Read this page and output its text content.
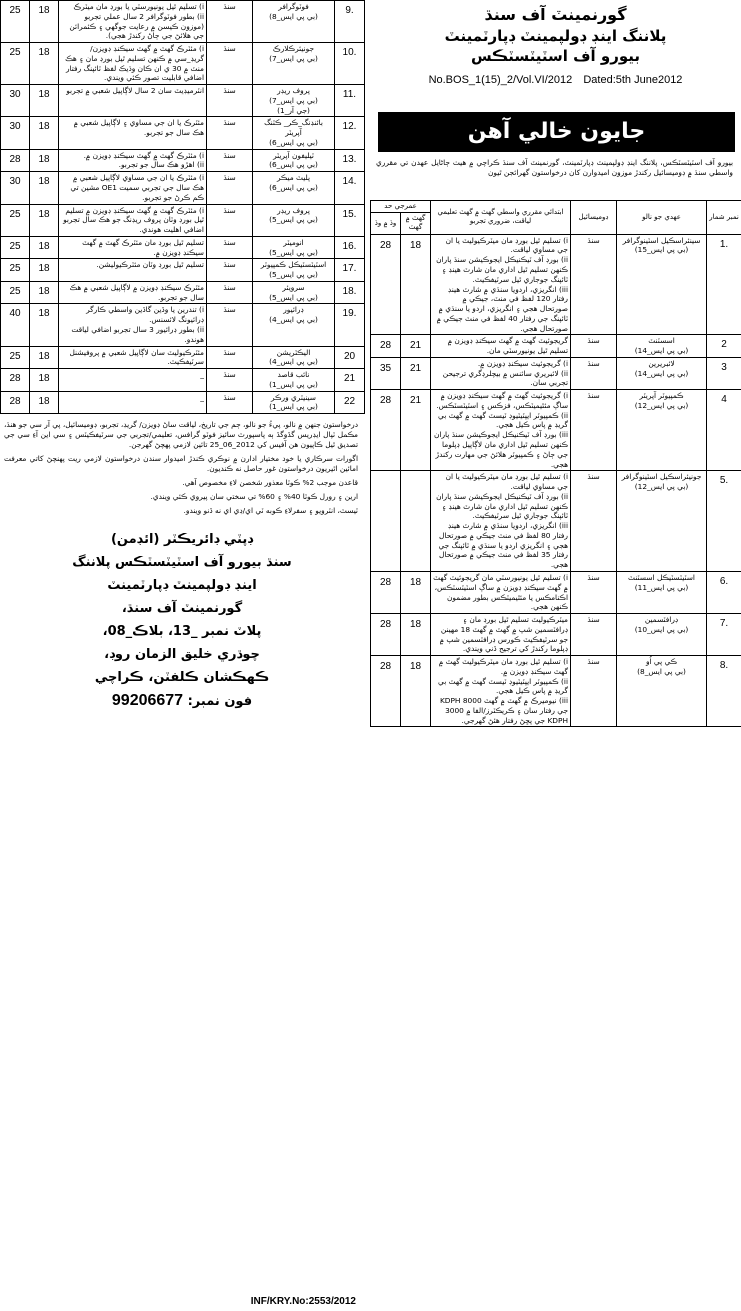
25	18	i) تسليم ٿيل يونيورسٽي يا بورڊ مان ميٽرڪ
ii) بطور فوٽوگرافر 2 سال عملي تجربو (موزون ڪيسن ۾ رعايت جوگهي ۽ ڪئمرائن جي هلائڻ جي ڄاڻ رکندڙ هجي).	سنڌ	فوٽوگرافر
(بي پي ايس_8)	9.
25	18	i) مئٽرڪ گهٽ ۾ گهٽ سيڪنڊ ڊويزن/ گريڊ_سي ۾ ڪنهن تسليم ٿيل بورڊ مان ۽ هڪ منٽ ۾ 30 ي ان ڪان وڌيڪ لفظ ٽائپنگ رفتار اضافي قابليت تصور ڪئي ويندي.	سنڌ	جونيئرڪلارڪ
(بي پي ايس_7)	10.
30	18	انٽرميڊيٽ سان 2 سال لاڳاپيل شعبي ۾ تجربو	سنڌ	پروف ريڊر
(بي پي ايس_7)
(جي آر_1)	11.
30	18	مئٽرڪ يا ان جي مساوي ۽ لاڳاپيل شعبي ۾ هڪ سال جو تجربو.	سنڌ	بائنڊنگ_ڪر_ ڪٽنگ آپريٽر
(بي پي ايس_6)	12.
28	18	i) مئٽرڪ گهٽ ۾ گهٽ سيڪنڊ ڊويزن ۾.
ii) اهڙو هڪ سال جو تجربو.	سنڌ	ٽيليفون آپريٽر
(بي پي ايس_6)	13.
30	18	i) مئٽرڪ يا ان جي مساوي لاڳاپيل شعبي ۾ هڪ سال جي تجربي سميت OE1 مشين تي ڪم ڪرڻ جو تجربو.	سنڌ	پليٽ ميڪر
(بي پي ايس_6)	14.
25	18	i) مئٽرڪ گهٽ ۾ گهٽ سيڪنڊ ڊويزن ۾ تسليم ٿيل بورڊ وٽان پروف ريڊنگ جو هڪ سال تجربو اضافي اهليت هوندي.	سنڌ	پروف ريڊر
(بي پي ايس_5)	15.
25	18	تسليم ٿيل بورڊ مان مئٽرڪ گهٽ ۾ گهٽ سيڪنڊ ڊويزن ۾.	سنڌ	انوميٽر
(بي پي ايس_5)	16.
25	18	تسليم ٿيل بورڊ وٽان مئٽرڪيوليشن.	سنڌ	اسٽيٽسٽيڪل ڪمپيوٽر
(بي پي ايس_5)	17.
25	18	مئٽرڪ سيڪنڊ ڊويزن ۾ لاڳاپيل شعبي ۾ هڪ سال جو تجربو.	سنڌ	سرويئر
(بي پي ايس_5)	18.
40	18	i) تندرين يا وڏين گاڏين واسطي ڪارگر ڊرائيونگ لائسنس.
ii) بطور ڊرائيور 3 سال تجربو اضافي لياقت هوندو.	سنڌ	ڊرائيور
(بي پي ايس_4)	19.
25	18	مئٽرڪيوليٽ سان لاڳاپيل شعبي ۾ پروفيشنل سرٽيفڪيٽ.	سنڌ	اليڪٽريشن
(بي پي ايس_4)	20
28	18	_	سنڌ	نائب قاصد
(بي پي ايس_1)	21
28	18	_	سنڌ	سينيٽري ورڪر
(بي پي ايس_1)	22

درخواستون جنهن ۾ نالو، پيءُ جو نالو، ڄم جي تاريخ، لياقت ساڻ ڊويزن/ گريڊ، تجربو، ڊوميسائيل، پي آر سي جو هنڌ، مڪمل ٽپال ايڊريس گڏوگڏ ٻه پاسپورٽ سائيز فوٽو گرافس، تعليمي/تجربي جي سرٽيفڪيٽس ۽ سي اين آءِ سي جي تصديق ٿيل ڪاپيون هن آفيس کي 2012_06_25 تائين لازمي پهچڻ گهرجن.

اگورات سرڪاري يا خود مختيار ادارن ۾ نوڪري ڪندڙ اميدوار سندن درخواستون لازمي ريت پهنچڻ کاتي معرفت امائين اٿيريون درخواستون غور حاصل نه ڪنديون.

قاعدن موجب 2% ڪوٽا معذور شخصن لاءِ مخصوص آهي.

ارين ۽ رورل ڪوٽا 40% ۽ 60% تي سختي سان پيروي ڪئي ويندي.

ٽيسٽ، انٽرويو ۽ سفرلاءِ ڪوبه ٽي اي/ڊي اي نه ڏنو ويندو.

ڊپٽي ڊائريڪٽر (ائڊمن)
سنڌ بيورو آف اسٽيٽسٽڪس پلاننگ
اينڊ ڊولپمينٽ ڊپارٽمينٽ
گورنمينٽ آف سنڌ،
پلاٽ نمبر _13، بلاڪ_08،
چوڌري خليق الزمان روڊ،
ڪهڪشان ڪلفٽن، ڪراچي
فون نمبر: 99206677
INF/KRY.No:2553/2012
گورنمينٽ آف سنڌ
پلاننگ اينڊ ڊولپمينٽ ڊپارٽمينٽ
بيورو آف اسٽيٽسٽڪس
No.BOS_1(15)_2/Vol.VI/2012 Dated:5th June2012
جايون خالي آهن
بيورو آف اسٽيٽسٽڪس، پلاننگ اينڊ ڊولپمينٽ ڊپارٽمينٽ، گورنمينٽ آف سنڌ ڪراچي ۾ هيٺ ڄاڻايل عهدن تي مقرري واسطي سنڌ ۾ ڊوميسائيل رکندڙ موزون اميدوارن کان درخواستون گهرائجن ٿيون
عمرجي حد		ابتدائي مقرري واسطي گهٽ ۾ گهٽ تعليمي لياقت، ضروري تجربو	ڊوميسائيل	عهدي جو نالو	نمبر شمار
وڌ ۾ وڌ	گهٽ ۾ گهٽ				
28	18	i) تسليم ٿيل بورڊ مان ميٽرڪيوليٽ يا ان جي مساوي لياقت.
ii) بورڊ آف ٽيڪنيڪل ايجوڪيشن سنڌ پاران ڪنهن تسليم ٿيل اداري مان شارٽ هينڊ ۽ ٽائپنگ جوجاري ٿيل سرٽيفڪيٽ.
iii) انگريزي، اردويا سنڌي ۾ شارٽ هينڊ رفتار 120 لفظ في منٽ، جيڪي ۾ صورتحال هجي ۽ انگريزي، اردو يا سنڌي ۾ ٽائپنگ جي رفتار 40 لفظ في منٽ جيڪي ۾ صورتحال هجي.	سنڌ	سينئراسڪيل اسٽينوگرافر
(بي پي ايس_15)	1.
28	21	گريجوئيٽ گهٽ ۾ گهٽ سيڪنڊ ڊويزن ۾ تسليم ٿيل يونيورسٽي مان.	سنڌ	اسسٽنٽ
(بي پي ايس_14)	2
35	21	i) گريجوئيٽ سيڪنڊ ڊويزن ۾.
ii) لائبريري سائنس ۾ بيچلرڊگري ترجيحن تجربي سان.	سنڌ	لائبريرين
(بي پي ايس_14)	3
28	21	i) گريجوئيٽ گهٽ ۾ گهٽ سيڪنڊ ڊويزن ۾ ساڳ مئٿيميٽڪس، فزڪس ۽ اسٽيٽسٽڪس.
ii) ڪمپيوٽر ايپٽيٽيوڊ ٽيسٽ گهٽ ۾ گهٽ بي گريڊ ۾ پاس ڪيل هجي.
iii) بورڊ آف ٽيڪنيڪل ايجوڪيشن سنڌ پاران ڪنهن تسليم ٿيل اداري مان لاڳاپيل ڊپلوما جي ڄاڻ ۽ ڪمپيوٽر هلائڻ جي مهارت رکندڙ هجي.	سنڌ	ڪمپيوٽر آپريٽر
(بي پي ايس_12)	4

		i) تسليم ٿيل بورڊ مان ميٽرڪيوليٽ يا ان جي مساوي لياقت.
ii) بورڊ آف ٽيڪنيڪل ايجوڪيشن سنڌ پاران ڪنهن تسليم ٿيل اداري مان شارٽ هينڊ ۽ ٽائپنگ جوجاري ٿيل سرٽيفڪيٽ.
iii) انگريزي، اردويا سنڌي ۾ شارٽ هينڊ رفتار 80 لفظ في منٽ جيڪي ۾ صورتحال هجي ۽ انگريزي اردو يا سنڌي ۾ ٽائپنگ جي رفتار 35 لفظ في منٽ جيڪي ۾ صورتحال هجي.	سنڌ	جونيئراسڪيل اسٽينوگرافر
(بي پي ايس_12)	5.
28	18	i) تسليم ٿيل يونيورسٽي مان گريجوئيٽ گهٽ ۾ گهٽ سيڪنڊ ڊويزن ۾ ساڳ اسٽيٽسٽڪس، اڪنامڪس يا مئٿيميٽڪس بطور مضمون ڪنهن هجي.	سنڌ	اسٽيٽسٽيڪل اسسٽنٽ
(بي پي ايس_11)	6.
28	18	ميٽرڪيوليٽ تسليم ٿيل بورڊ مان ۽ ڊرافٽسمين شپ ۾ گهٽ ۾ گهٽ 18 مهينن جو سرٽيفڪيٽ ڪورس ڊرافٽسمين شپ ۾ ڊپلوما رکندڙ کي ترجيح ڏني ويندي.	سنڌ	ڊرافٽسمين
(بي پي ايس_10)	7.
28	18	i) تسليم ٿيل بورڊ مان ميٽرڪيوليٽ گهٽ ۾ گهٽ سيڪنڊ ڊويزن ۾.
ii) ڪمپيوٽر ايپٽيٽيوڊ ٽيسٽ گهٽ ۾ گهٽ بي گريڊ ۾ پاس ڪيل هجي.
iii) نيوميرڪ ۾ گهٽ ۾ گهٽ 8000 KDPH جي رفتار سان ۽ ڪريڪٽرز/الفا ۾ 3000 KDPH جي پڇڻ رفتار هئڻ گهرجي.	سنڌ	ڪي پي اُو
(بي پي ايس_8)	8.
